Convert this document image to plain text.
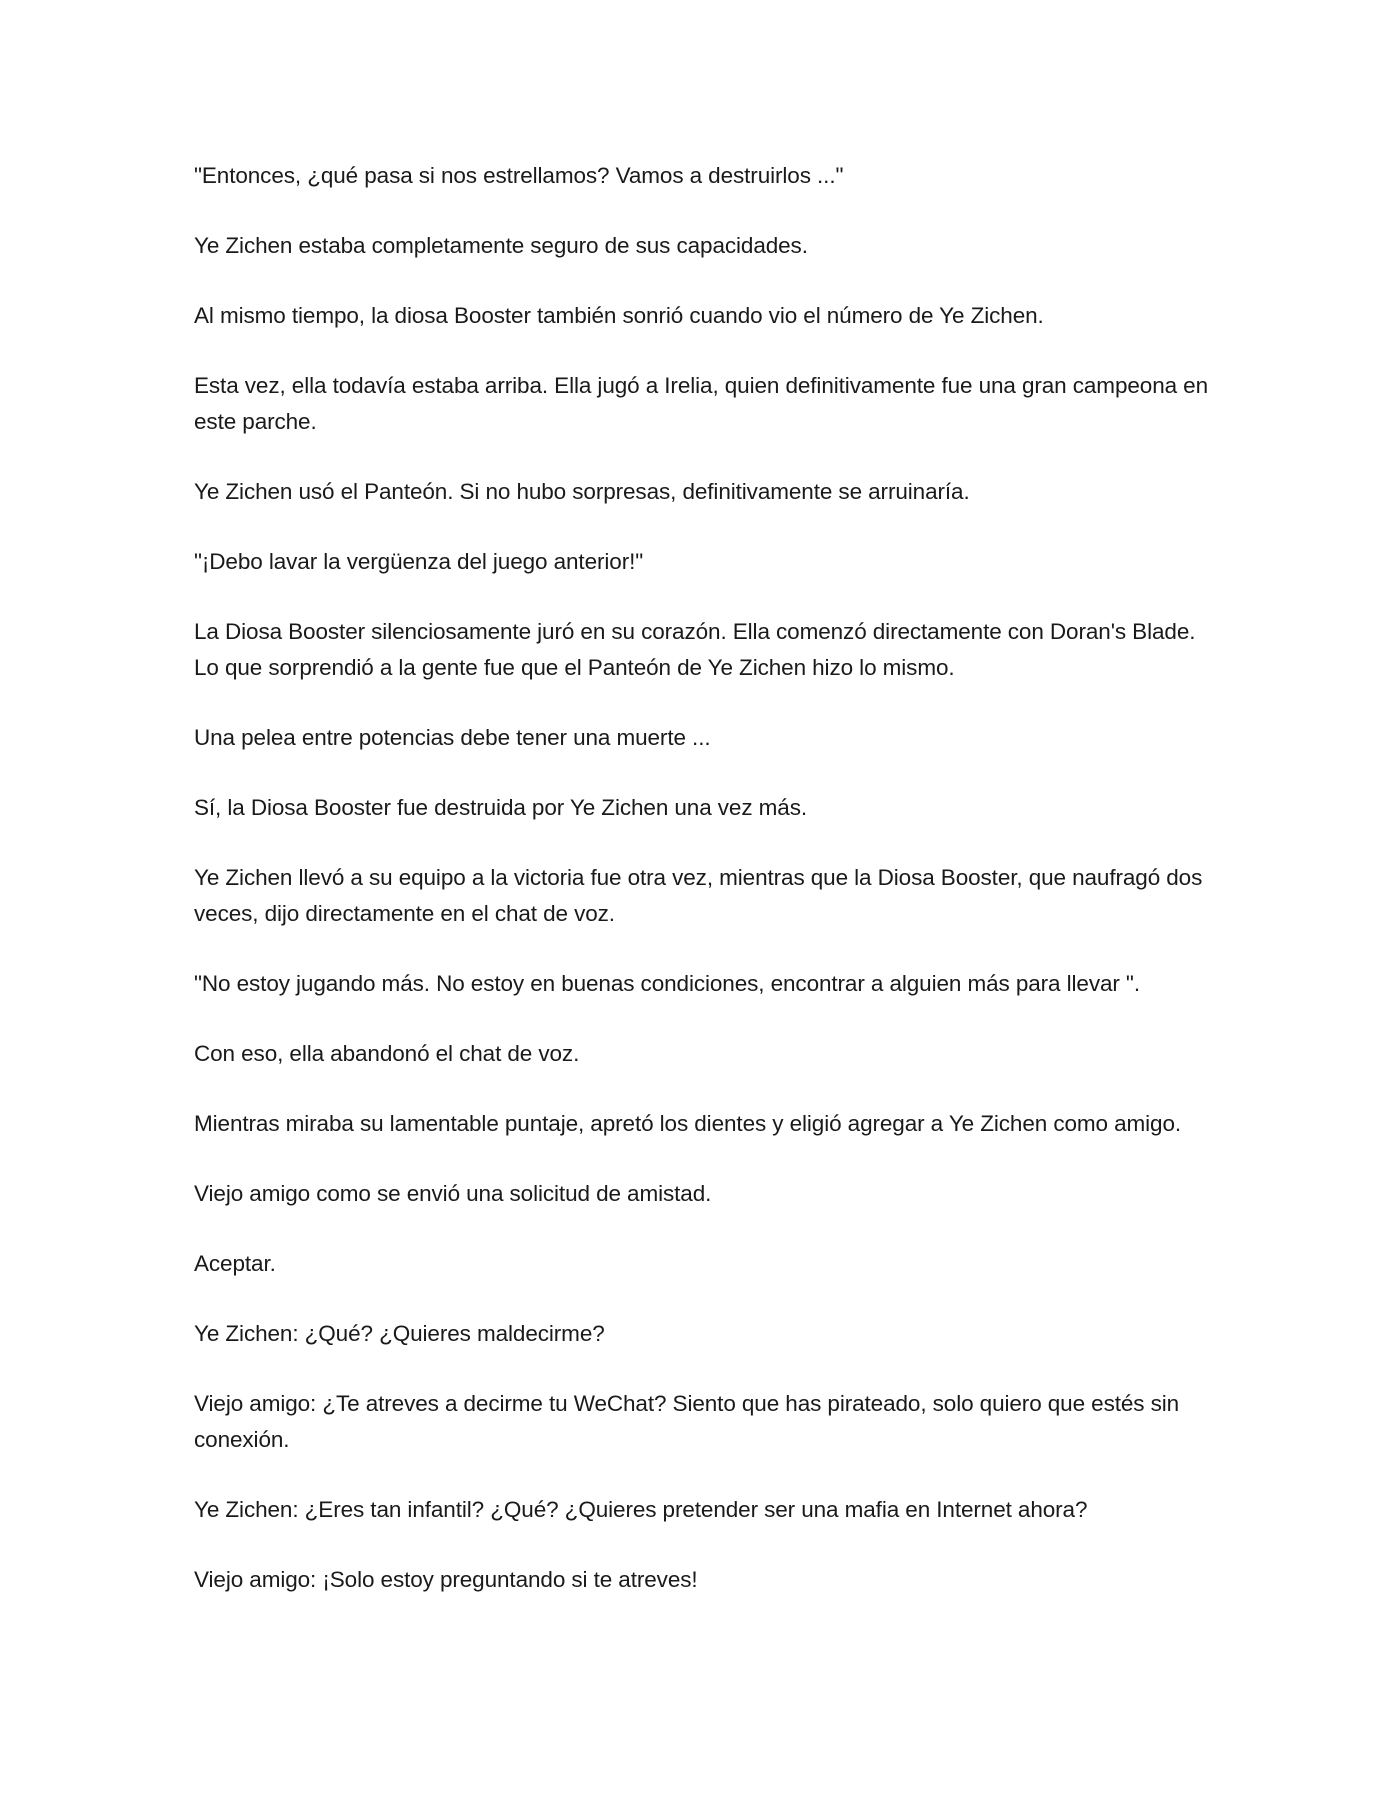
"Entonces, ¿qué pasa si nos estrellamos? Vamos a destruirlos ..."

Ye Zichen estaba completamente seguro de sus capacidades.

Al mismo tiempo, la diosa Booster también sonrió cuando vio el número de Ye Zichen.

Esta vez, ella todavía estaba arriba. Ella jugó a Irelia, quien definitivamente fue una gran campeona en este parche.

Ye Zichen usó el Panteón. Si no hubo sorpresas, definitivamente se arruinaría.

"¡Debo lavar la vergüenza del juego anterior!"

La Diosa Booster silenciosamente juró en su corazón. Ella comenzó directamente con Doran's Blade. Lo que sorprendió a la gente fue que el Panteón de Ye Zichen hizo lo mismo.

Una pelea entre potencias debe tener una muerte ...

Sí, la Diosa Booster fue destruida por Ye Zichen una vez más.

Ye Zichen llevó a su equipo a la victoria fue otra vez, mientras que la Diosa Booster, que naufragó dos veces, dijo directamente en el chat de voz.

"No estoy jugando más. No estoy en buenas condiciones, encontrar a alguien más para llevar ".

Con eso, ella abandonó el chat de voz.

Mientras miraba su lamentable puntaje, apretó los dientes y eligió agregar a Ye Zichen como amigo.

Viejo amigo como se envió una solicitud de amistad.

Aceptar.

Ye Zichen: ¿Qué? ¿Quieres maldecirme?

Viejo amigo: ¿Te atreves a decirme tu WeChat? Siento que has pirateado, solo quiero que estés sin conexión.

Ye Zichen: ¿Eres tan infantil? ¿Qué? ¿Quieres pretender ser una mafia en Internet ahora?

Viejo amigo: ¡Solo estoy preguntando si te atreves!
